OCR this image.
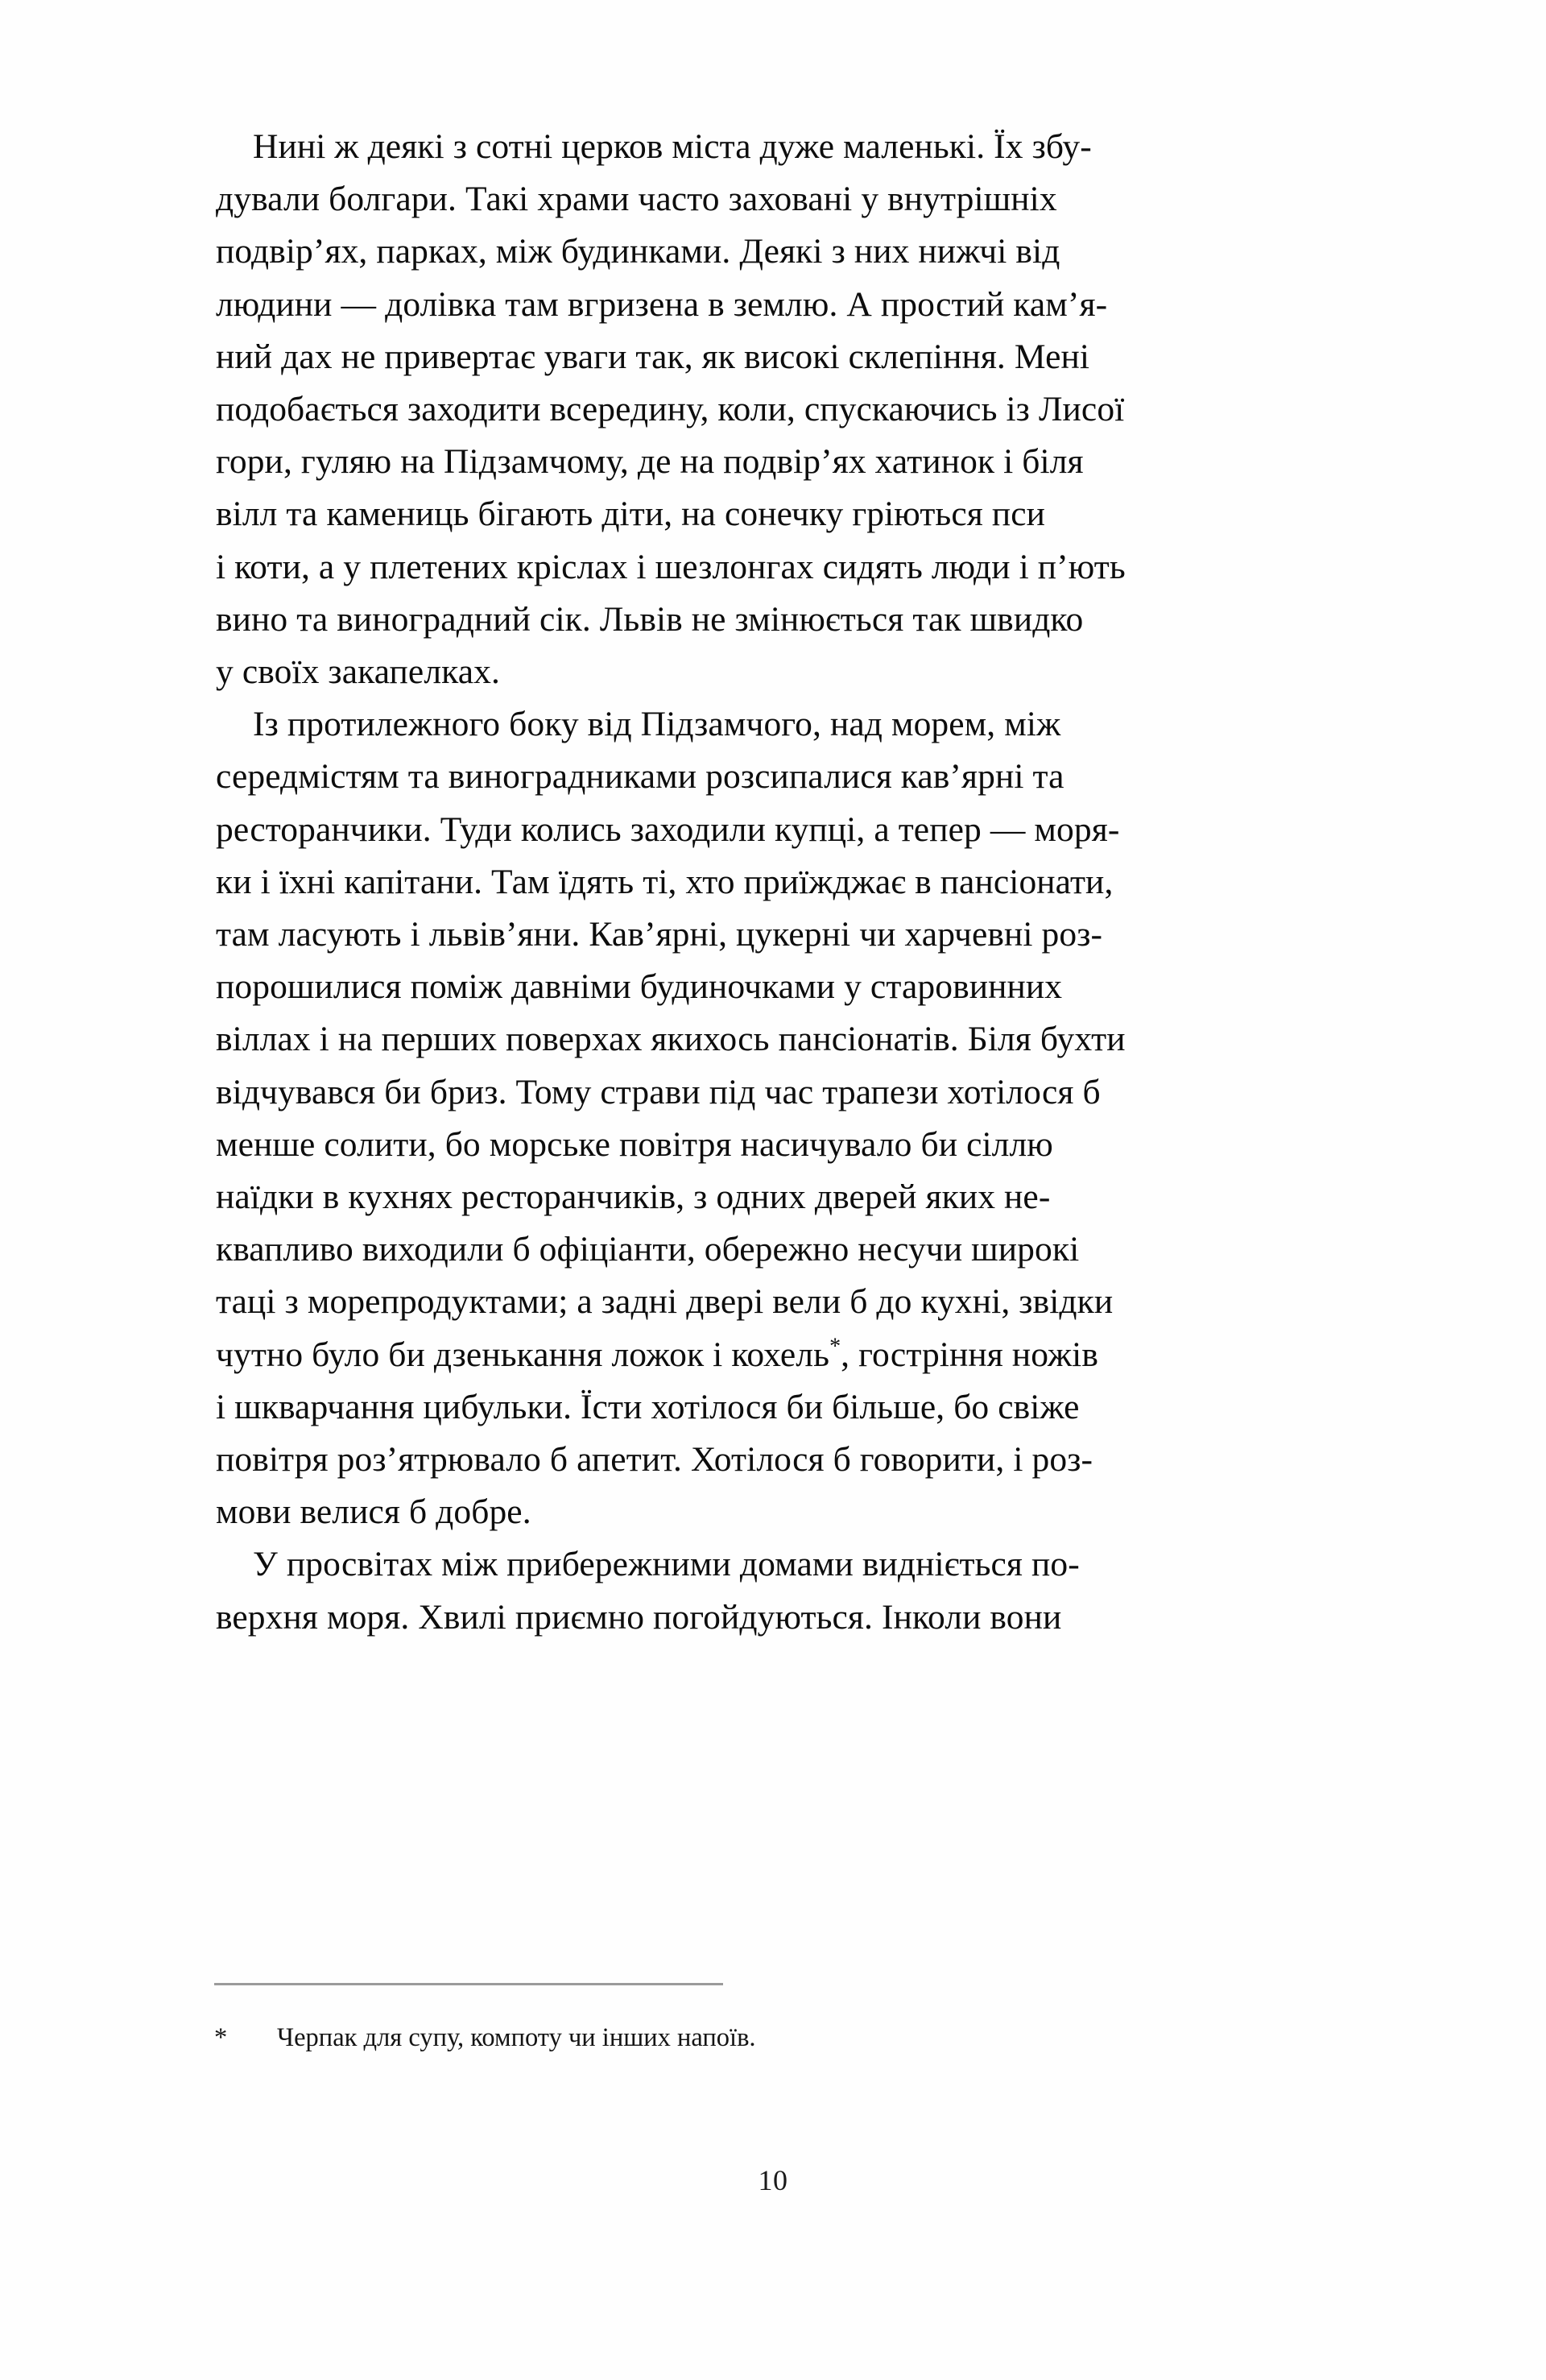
Нині ж деякі з сотні церков міста дуже маленькі. Їх збу-
дували болгари. Такі храми часто заховані у внутрішніх
подвір’ях, парках, між будинками. Деякі з них нижчі від
людини — долівка там вгризена в землю. А простий кам’я-
ний дах не привертає уваги так, як високі склепіння. Мені
подобається заходити всередину, коли, спускаючись із Лисої
гори, гуляю на Підзамчому, де на подвір’ях хатинок і біля
вілл та камениць бігають діти, на сонечку гріються пси
і коти, а у плетених кріслах і шезлонгах сидять люди і п’ють
вино та виноградний сік. Львів не змінюється так швидко
у своїх закапелках.

Із протилежного боку від Підзамчого, над морем, між
середмістям та виноградниками розсипалися кав’ярні та
ресторанчики. Туди колись заходили купці, а тепер — моря-
ки і їхні капітани. Там їдять ті, хто приїжджає в пансіонати,
там ласують і львів’яни. Кав’ярні, цукерні чи харчевні роз-
порошилися поміж давніми будиночками у старовинних
віллах і на перших поверхах якихось пансіонатів. Біля бухти
відчувався би бриз. Тому страви під час трапези хотілося б
менше солити, бо морське повітря насичувало би сіллю
наїдки в кухнях ресторанчиків, з одних дверей яких не-
квапливо виходили б офіціанти, обережно несучи широкі
таці з морепродуктами; а задні двері вели б до кухні, звідки
чутно було би дзенькання ложок і кохель*, гостріння ножів
і шкварчання цибульки. Їсти хотілося би більше, бо свіже
повітря роз’ятрювало б апетит. Хотілося б говорити, і роз-
мови велися б добре.

У просвітах між прибережними домами видніється по-
верхня моря. Хвилі приємно погойдуються. Інколи вони

* Черпак для супу, компоту чи інших напоїв.
10
